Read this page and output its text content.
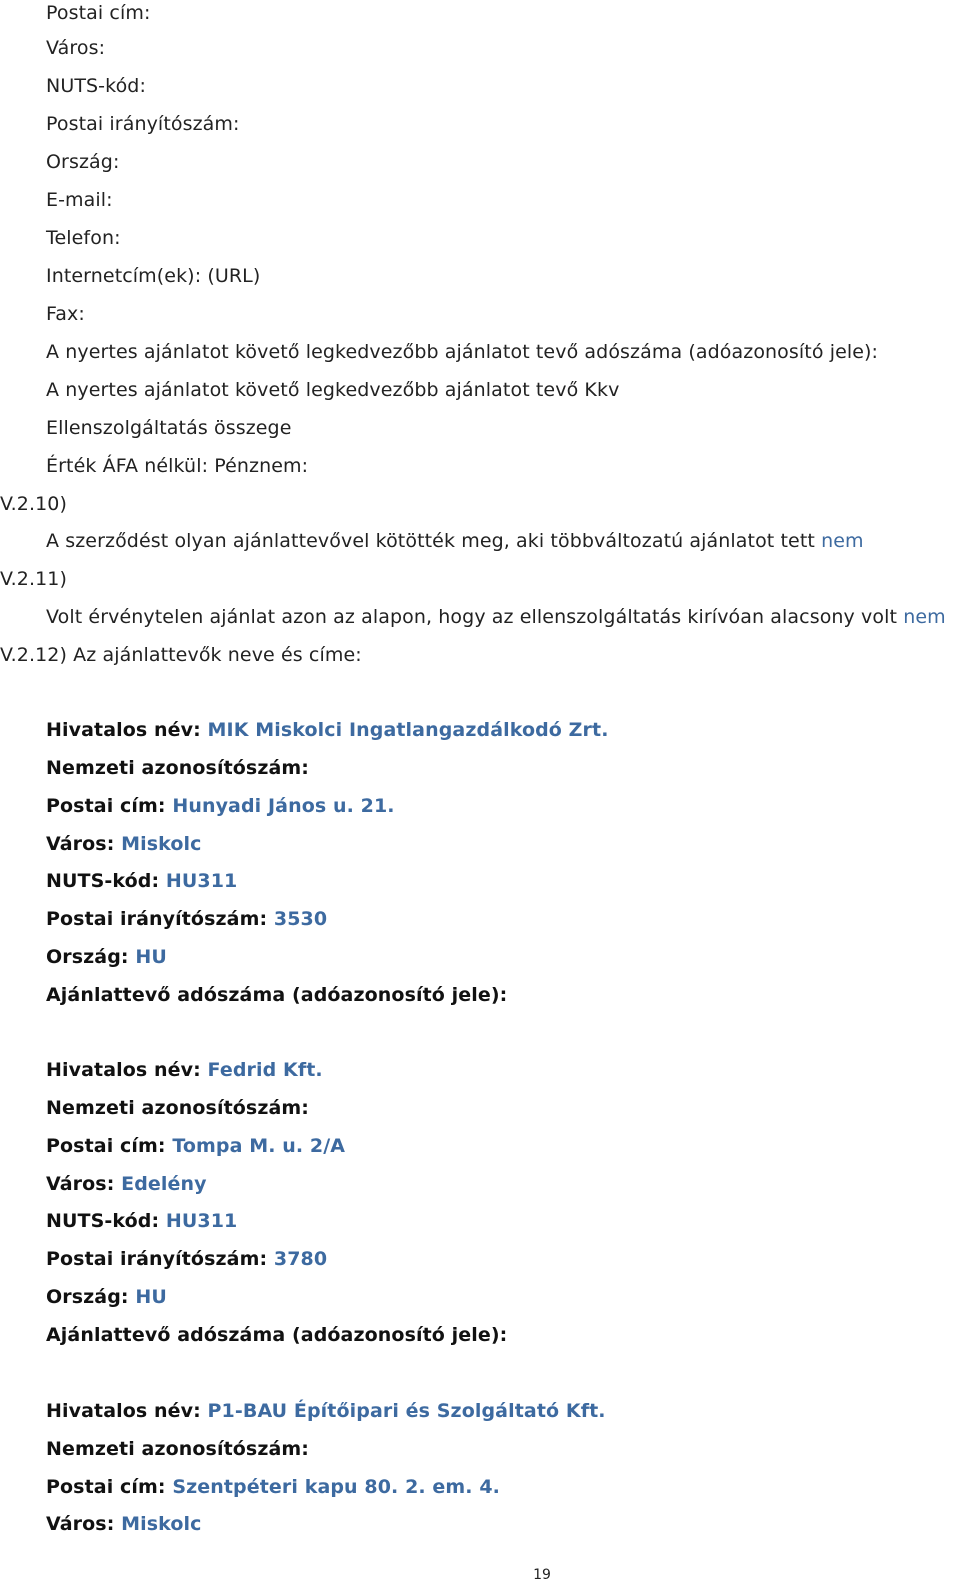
Postai cím:
Város:
NUTS-kód:
Postai irányítószám:
Ország:
E-mail:
Telefon:
Internetcím(ek): (URL)
Fax:
A nyertes ajánlatot követő legkedvezőbb ajánlatot tevő adószáma (adóazonosító jele):
A nyertes ajánlatot követő legkedvezőbb ajánlatot tevő Kkv
Ellenszolgáltatás összege
Érték ÁFA nélkül: Pénznem:
V.2.10)
A szerződést olyan ajánlattevővel kötötték meg, aki többváltozatú ajánlatot tett nem
V.2.11)
Volt érvénytelen ajánlat azon az alapon, hogy az ellenszolgáltatás kirívóan alacsony volt nem
V.2.12) Az ajánlattevők neve és címe:
Hivatalos név: MIK Miskolci Ingatlangazdálkodó Zrt.
Nemzeti azonosítószám:
Postai cím: Hunyadi János u. 21.
Város: Miskolc
NUTS-kód: HU311
Postai irányítószám: 3530
Ország: HU
Ajánlattevő adószáma (adóazonosító jele):
Hivatalos név: Fedrid Kft.
Nemzeti azonosítószám:
Postai cím: Tompa M. u. 2/A
Város: Edelény
NUTS-kód: HU311
Postai irányítószám: 3780
Ország: HU
Ajánlattevő adószáma (adóazonosító jele):
Hivatalos név: P1-BAU Építőipari és Szolgáltató Kft.
Nemzeti azonosítószám:
Postai cím: Szentpéteri kapu 80. 2. em. 4.
Város: Miskolc
19
